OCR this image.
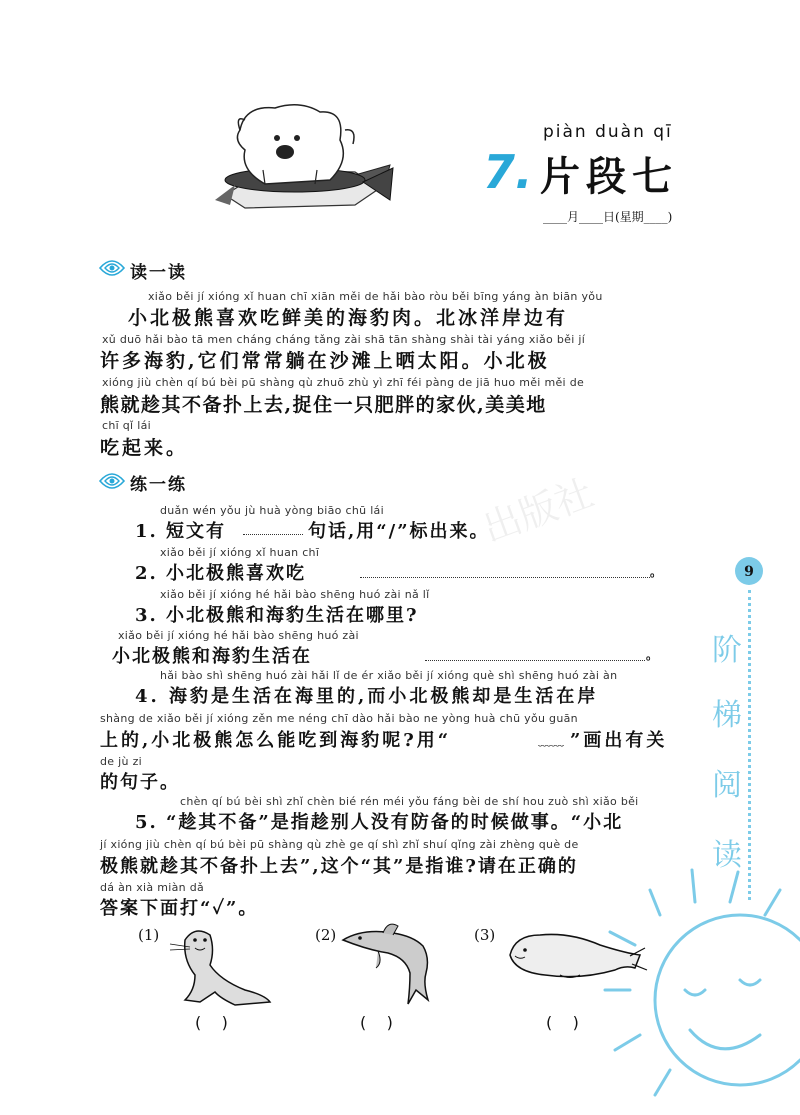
7.
piàn duàn qī
片段七
____月____日(星期____)
读一读
xiǎo běi jí xióng xǐ huan chī xiān měi de hǎi bào ròu běi bīng yáng àn biān yǒu
小北极熊喜欢吃鲜美的海豹肉。北冰洋岸边有
xǔ duō hǎi bào tā men cháng cháng tǎng zài shā tān shàng shài tài yáng xiǎo běi jí
许多海豹,它们常常躺在沙滩上晒太阳。小北极
xióng jiù chèn qí bú bèi pū shàng qù zhuō zhù yì zhī féi pàng de jiā huo měi měi de
熊就趁其不备扑上去,捉住一只肥胖的家伙,美美地
chī qǐ lái
吃起来。
练一练
duǎn wén yǒu jù huà yòng biāo chū lái
1. 短文有	句话,用“/”标出来。
xiǎo běi jí xióng xǐ huan chī
2. 小北极熊喜欢吃	。
xiǎo běi jí xióng hé hǎi bào shēng huó zài nǎ lǐ
3. 小北极熊和海豹生活在哪里?
xiǎo běi jí xióng hé hǎi bào shēng huó zài
小北极熊和海豹生活在	。
hǎi bào shì shēng huó zài hǎi lǐ de ér xiǎo běi jí xióng què shì shēng huó zài àn
4. 海豹是生活在海里的,而小北极熊却是生活在岸
shàng de xiǎo běi jí xióng zěn me néng chī dào hǎi bào ne yòng huà chū yǒu guān
上的,小北极熊怎么能吃到海豹呢?用“	﹏﹏ ”画出有关
de jù zi
的句子。
chèn qí bú bèi shì zhǐ chèn bié rén méi yǒu fáng bèi de shí hou zuò shì xiǎo běi
5. “趁其不备”是指趁别人没有防备的时候做事。“小北
jí xióng jiù chèn qí bú bèi pū shàng qù zhè ge qí shì zhǐ shuí qǐng zài zhèng què de
极熊就趁其不备扑上去”,这个“其”是指谁?请在正确的
dá àn xià miàn dǎ
答案下面打“✓”。
(1)	(2)	(3)
(    )	(    )	(    )
出版社
9
阶
梯
阅
读
